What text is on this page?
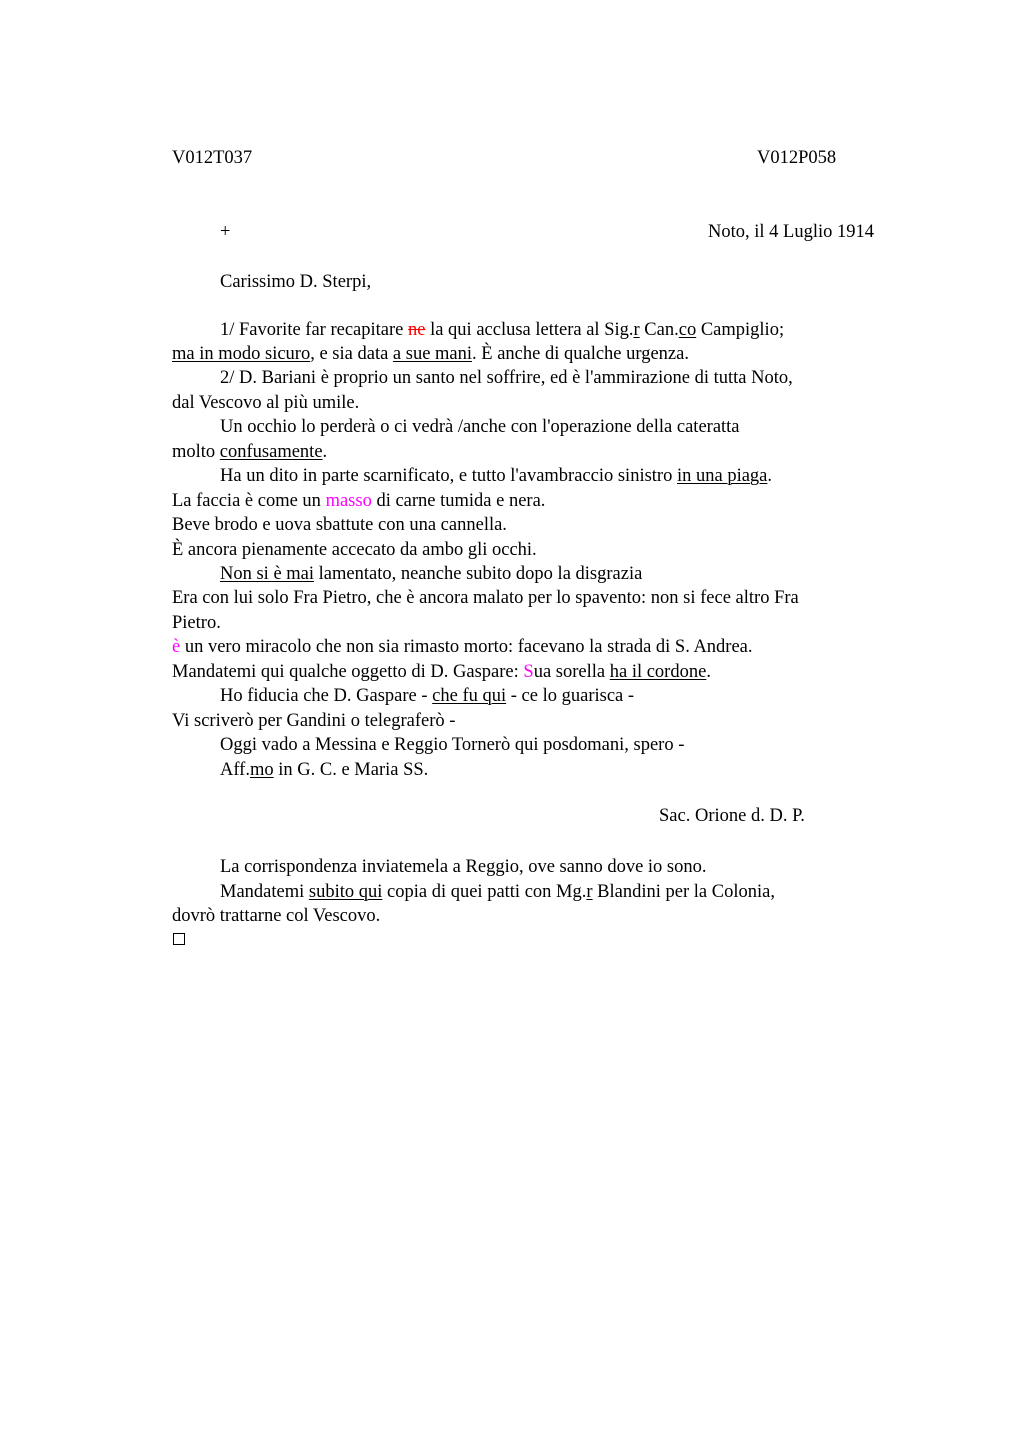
V012T037	V012P058
+	Noto, il 4 Luglio 1914
Carissimo D. Sterpi,
1/ Favorite far recapitare ne la qui acclusa lettera al Sig.r Can.co Campiglio;
ma in modo sicuro, e sia data a sue mani. È anche di qualche urgenza.
2/ D. Bariani è proprio un santo nel soffrire, ed è l'ammirazione di tutta Noto,
dal Vescovo al più umile.
Un occhio lo perderà o ci vedrà /anche con l'operazione della cateratta
molto confusamente.
Ha un dito in parte scarnificato, e tutto l'avambraccio sinistro in una piaga.
La faccia è come un masso di carne tumida e nera.
Beve brodo e uova sbattute con una cannella.
È ancora pienamente accecato da ambo gli occhi.
Non si è mai lamentato, neanche subito dopo la disgrazia
Era con lui solo Fra Pietro, che è ancora malato per lo spavento: non si fece altro Fra
Pietro.
è un vero miracolo che non sia rimasto morto: facevano la strada di S. Andrea.
Mandatemi qui qualche oggetto di D. Gaspare: Sua sorella ha il cordone.
Ho fiducia che D. Gaspare - che fu qui - ce lo guarisca -
Vi scriverò per Gandini o telegraferò -
Oggi vado a Messina e Reggio Tornerò qui posdomani, spero -
Aff.mo in G. C. e Maria SS.
Sac. Orione d. D. P.
La corrispondenza inviatemela a Reggio, ove sanno dove io sono.
Mandatemi subito qui copia di quei patti con Mg.r Blandini per la Colonia,
dovrò trattarne col Vescovo.
